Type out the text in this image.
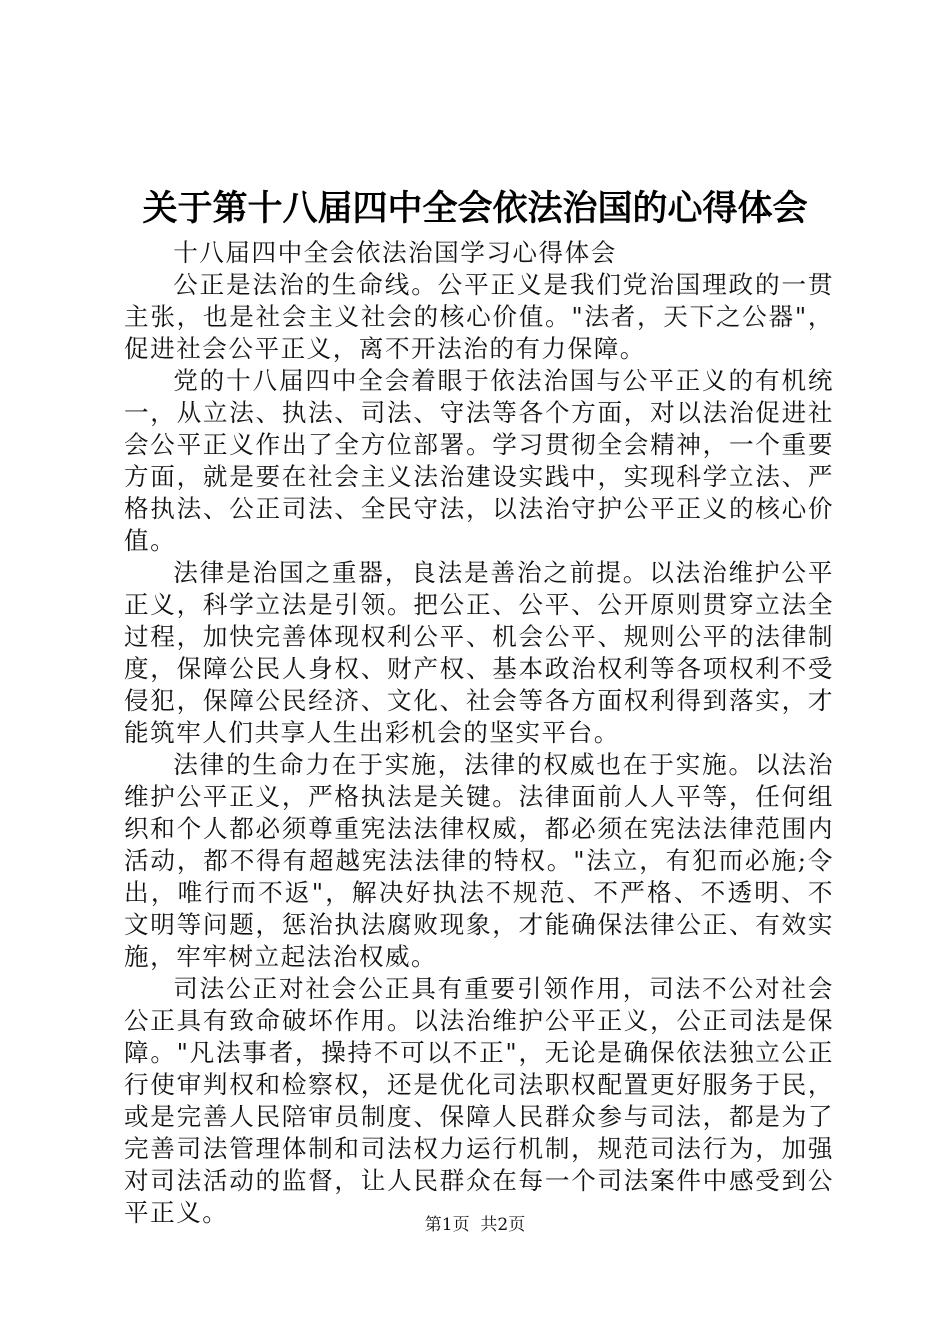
关于第十八届四中全会依法治国的心得体会

十八届四中全会依法治国学习心得体会

公正是法治的生命线。公平正义是我们党治国理政的一贯主张，也是社会主义社会的核心价值。"法者，天下之公器"，促进社会公平正义，离不开法治的有力保障。

党的十八届四中全会着眼于依法治国与公平正义的有机统一，从立法、执法、司法、守法等各个方面，对以法治促进社会公平正义作出了全方位部署。学习贯彻全会精神，一个重要方面，就是要在社会主义法治建设实践中，实现科学立法、严格执法、公正司法、全民守法，以法治守护公平正义的核心价值。

法律是治国之重器，良法是善治之前提。以法治维护公平正义，科学立法是引领。把公正、公平、公开原则贯穿立法全过程，加快完善体现权利公平、机会公平、规则公平的法律制度，保障公民人身权、财产权、基本政治权利等各项权利不受侵犯，保障公民经济、文化、社会等各方面权利得到落实，才能筑牢人们共享人生出彩机会的坚实平台。

法律的生命力在于实施，法律的权威也在于实施。以法治维护公平正义，严格执法是关键。法律面前人人平等，任何组织和个人都必须尊重宪法法律权威，都必须在宪法法律范围内活动，都不得有超越宪法法律的特权。"法立，有犯而必施;令出，唯行而不返"，解决好执法不规范、不严格、不透明、不文明等问题，惩治执法腐败现象，才能确保法律公正、有效实施，牢牢树立起法治权威。

司法公正对社会公正具有重要引领作用，司法不公对社会公正具有致命破坏作用。以法治维护公平正义，公正司法是保障。"凡法事者，操持不可以不正"，无论是确保依法独立公正行使审判权和检察权，还是优化司法职权配置更好服务于民，或是完善人民陪审员制度、保障人民群众参与司法，都是为了完善司法管理体制和司法权力运行机制，规范司法行为，加强对司法活动的监督，让人民群众在每一个司法案件中感受到公平正义。	第1页  共2页
